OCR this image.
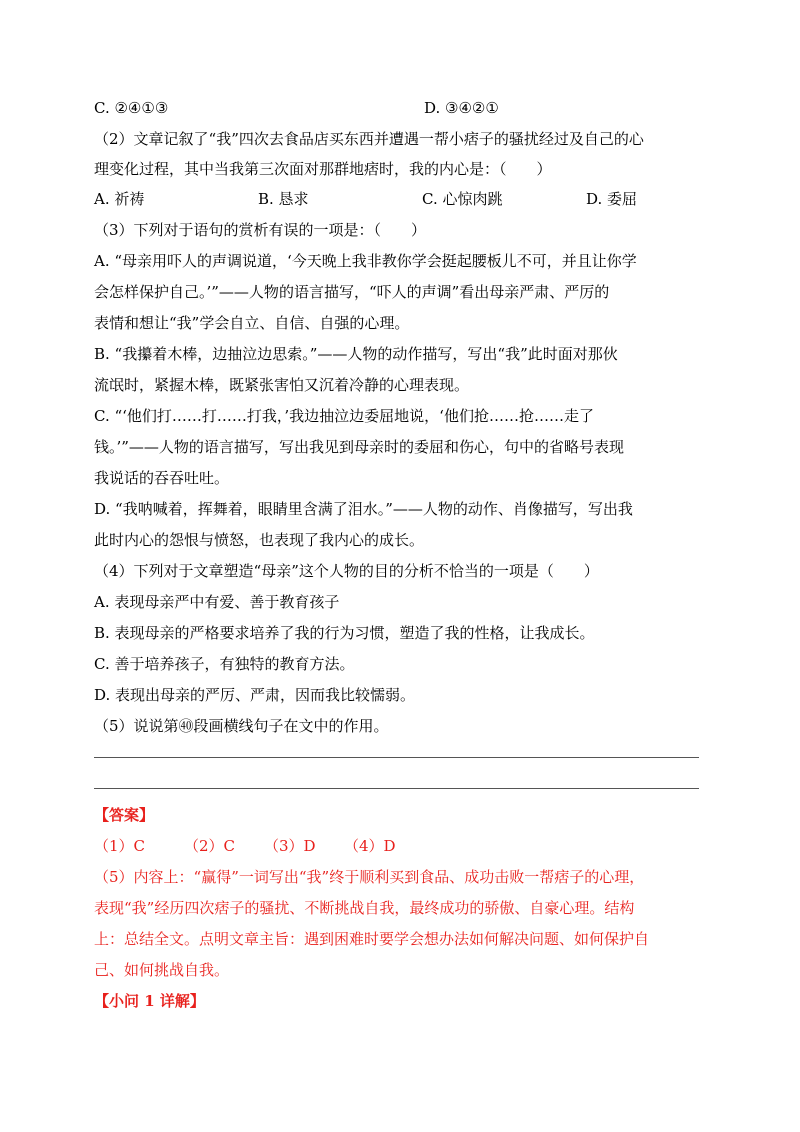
C. ②④①③	D. ③④②①
（2）文章记叙了“我”四次去食品店买东西并遭遇一帮小痞子的骚扰经过及自己的心
理变化过程，其中当我第三次面对那群地痞时，我的内心是：（　　）
A. 祈祷	B. 恳求	C. 心惊肉跳	D. 委屈
（3）下列对于语句的赏析有误的一项是：（　　）
A. “母亲用吓人的声调说道，‘今天晚上我非教你学会挺起腰板儿不可，并且让你学
会怎样保护自己。’”——人物的语言描写，“吓人的声调”看出母亲严肃、严厉的
表情和想让“我”学会自立、自信、自强的心理。
B. “我攥着木棒，边抽泣边思索。”——人物的动作描写，写出“我”此时面对那伙
流氓时，紧握木棒，既紧张害怕又沉着冷静的心理表现。
C. “‘他们打……打……打我，’我边抽泣边委屈地说，‘他们抢……抢……走了
钱。’”——人物的语言描写，写出我见到母亲时的委屈和伤心，句中的省略号表现
我说话的吞吞吐吐。
D. “我呐喊着，挥舞着，眼睛里含满了泪水。”——人物的动作、肖像描写，写出我
此时内心的怨恨与愤怒，也表现了我内心的成长。
（4）下列对于文章塑造“母亲”这个人物的目的分析不恰当的一项是（　　）
A. 表现母亲严中有爱、善于教育孩子
B. 表现母亲的严格要求培养了我的行为习惯，塑造了我的性格，让我成长。
C. 善于培养孩子，有独特的教育方法。
D. 表现出母亲的严厉、严肃，因而我比较懦弱。
（5）说说第㊵段画横线句子在文中的作用。
【答案】
（1）C	（2）C （3）D （4）D
（5）内容上：“赢得”一词写出“我”终于顺利买到食品、成功击败一帮痞子的心理，
表现“我”经历四次痞子的骚扰、不断挑战自我，最终成功的骄傲、自豪心理。结构
上：总结全文。点明文章主旨：遇到困难时要学会想办法如何解决问题、如何保护自
己、如何挑战自我。
【小问 1 详解】
